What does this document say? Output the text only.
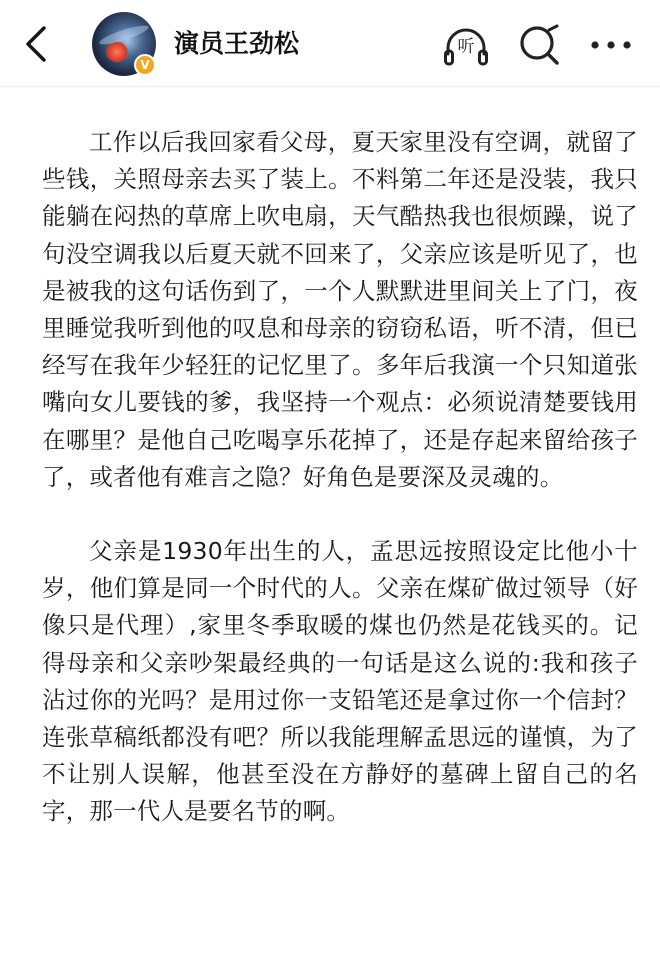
V
演员王劲松	听

工作以后我回家看父母，夏天家里没有空调，就留了些钱，关照母亲去买了装上。不料第二年还是没装，我只能躺在闷热的草席上吹电扇，天气酷热我也很烦躁，说了句没空调我以后夏天就不回来了，父亲应该是听见了，也是被我的这句话伤到了，一个人默默进里间关上了门，夜里睡觉我听到他的叹息和母亲的窃窃私语，听不清，但已经写在我年少轻狂的记忆里了。多年后我演一个只知道张嘴向女儿要钱的爹，我坚持一个观点：必须说清楚要钱用在哪里？是他自己吃喝享乐花掉了，还是存起来留给孩子了，或者他有难言之隐？好角色是要深及灵魂的。

父亲是1930年出生的人，孟思远按照设定比他小十岁，他们算是同一个时代的人。父亲在煤矿做过领导（好像只是代理）,家里冬季取暖的煤也仍然是花钱买的。记得母亲和父亲吵架最经典的一句话是这么说的:我和孩子沾过你的光吗？是用过你一支铅笔还是拿过你一个信封？连张草稿纸都没有吧？所以我能理解孟思远的谨慎，为了不让别人误解，他甚至没在方静妤的墓碑上留自己的名字，那一代人是要名节的啊。
